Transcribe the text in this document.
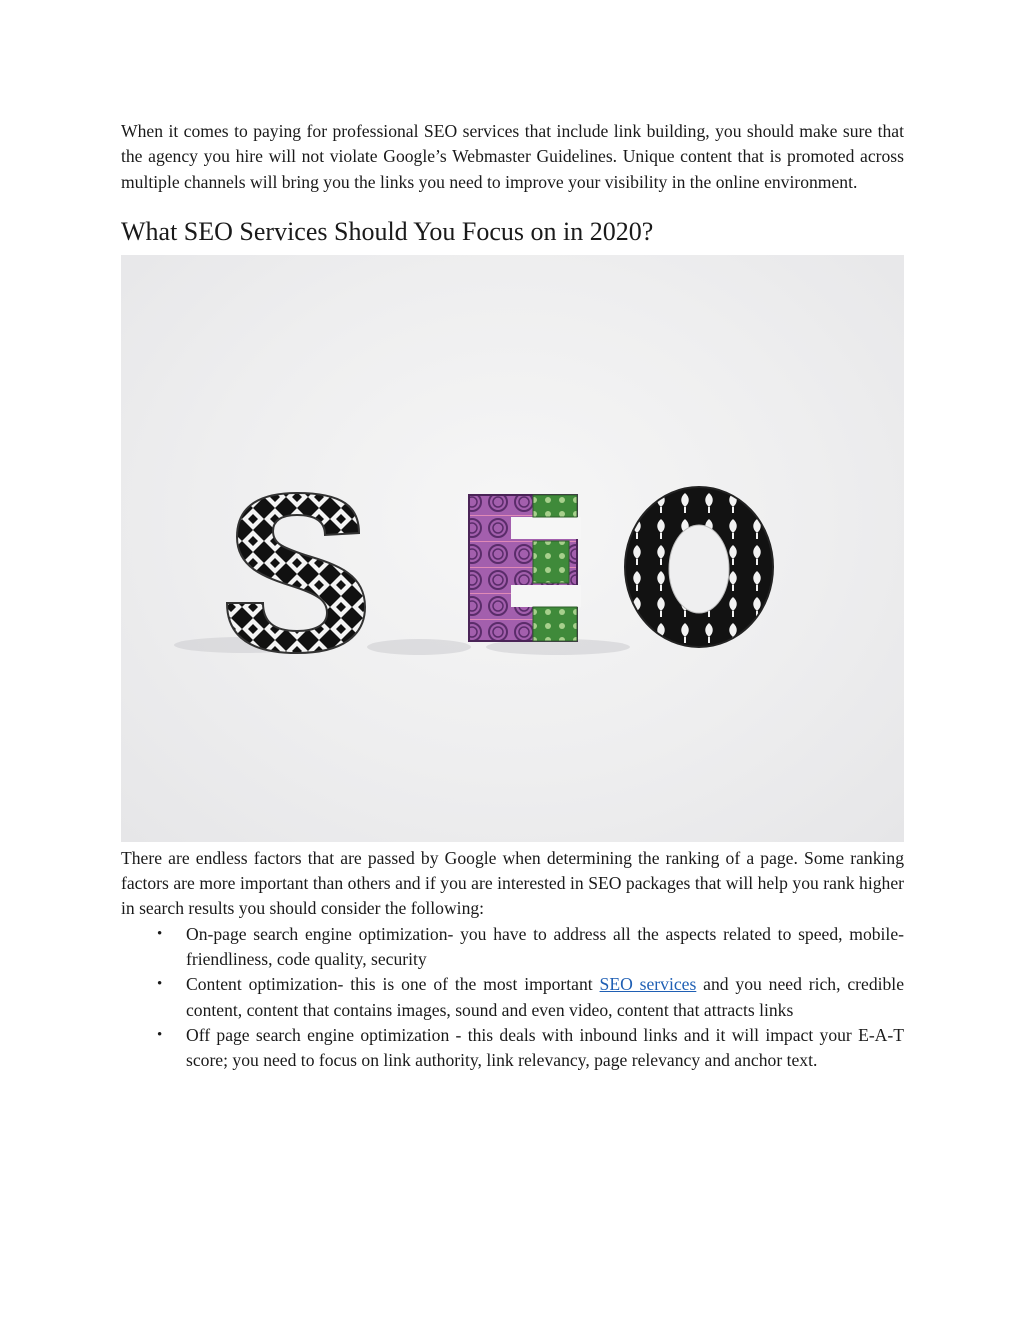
When it comes to paying for professional SEO services that include link building, you should make sure that the agency you hire will not violate Google’s Webmaster Guidelines. Unique content that is promoted across multiple channels will bring you the links you need to improve your visibility in the online environment.

What SEO Services Should You Focus on in 2020?

There are endless factors that are passed by Google when determining the ranking of a page. Some ranking factors are more important than others and if you are interested in SEO packages that will help you rank higher in search results you should consider the following:

• On-page search engine optimization- you have to address all the aspects related to speed, mobile-friendliness, code quality, security
• Content optimization- this is one of the most important SEO services and you need rich, credible content, content that contains images, sound and even video, content that attracts links
• Off page search engine optimization - this deals with inbound links and it will impact your E-A-T score; you need to focus on link authority, link relevancy, page relevancy and anchor text.
